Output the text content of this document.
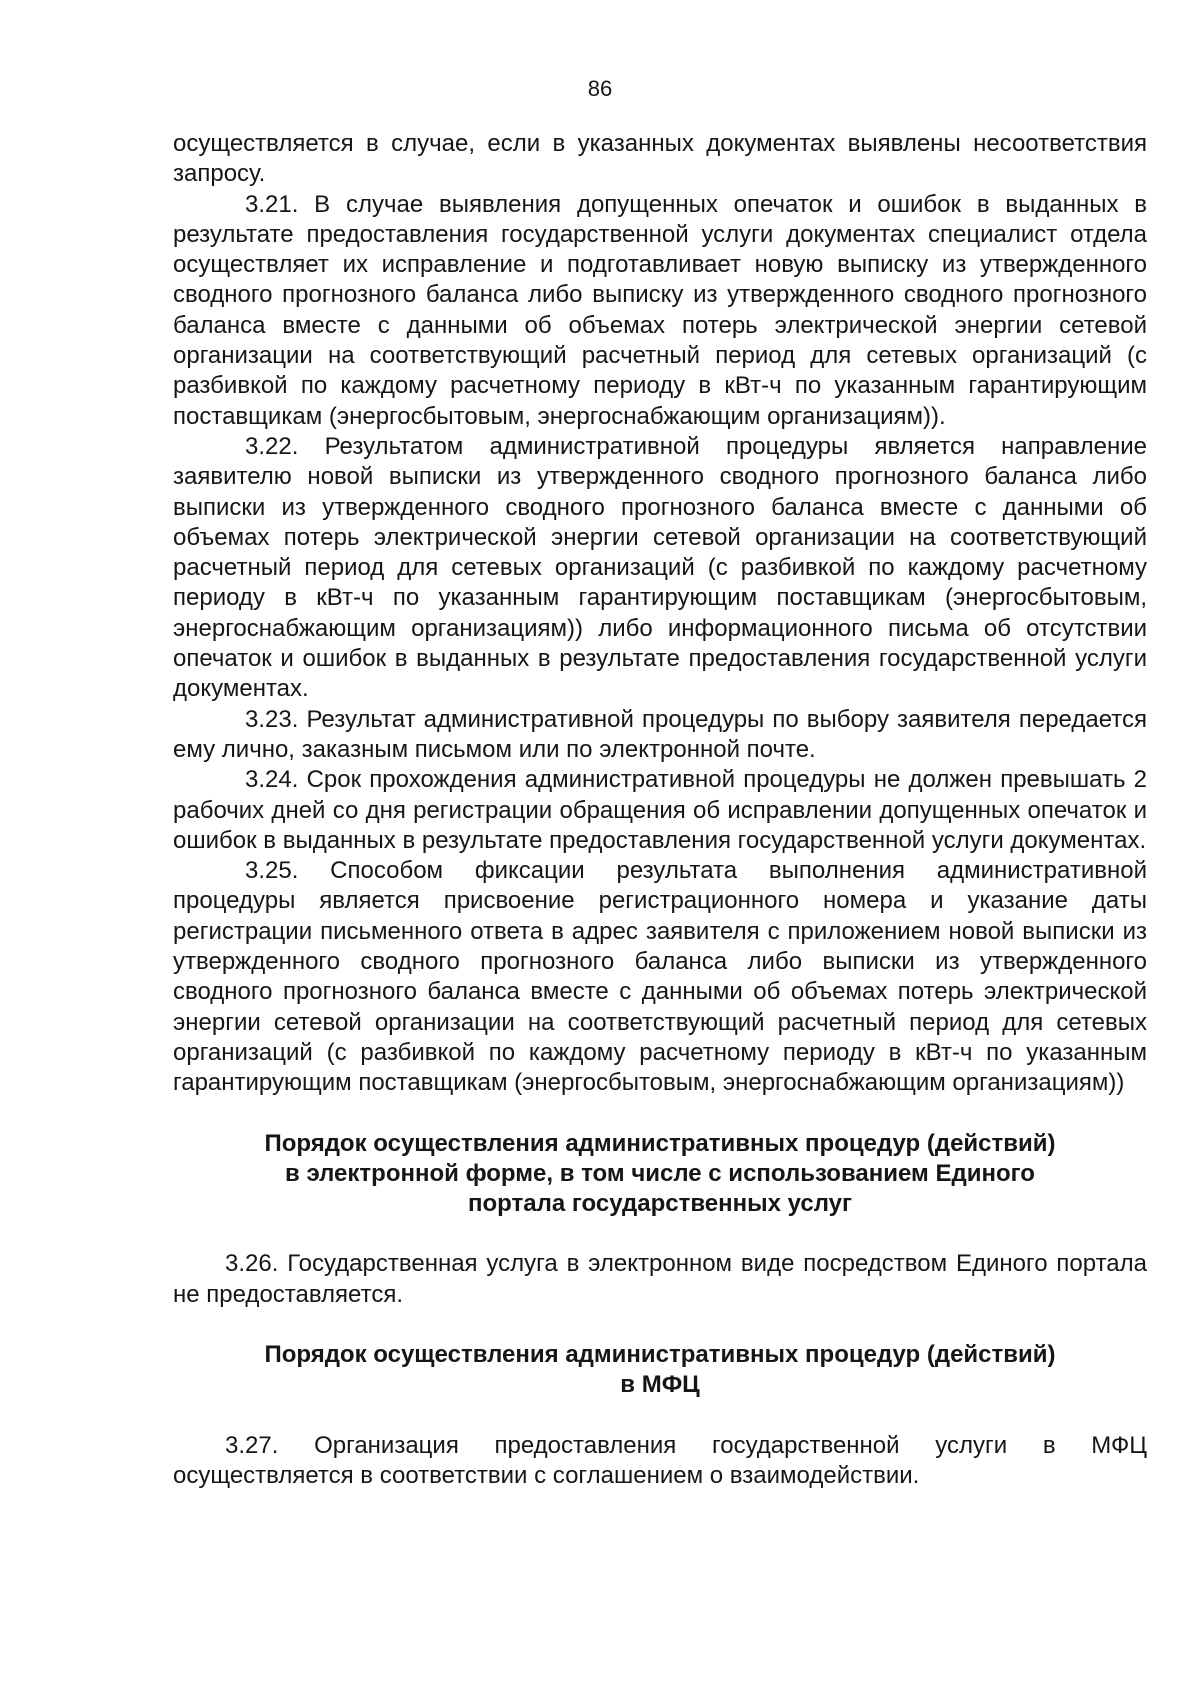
86

осуществляется в случае, если в указанных документах выявлены несоответствия запросу.

3.21. В случае выявления допущенных опечаток и ошибок в выданных в результате предоставления государственной услуги документах специалист отдела осуществляет их исправление и подготавливает новую выписку из утвержденного сводного прогнозного баланса либо выписку из утвержденного сводного прогнозного баланса вместе с данными об объемах потерь электрической энергии сетевой организации на соответствующий расчетный период для сетевых организаций (с разбивкой по каждому расчетному периоду в кВт-ч по указанным гарантирующим поставщикам (энергосбытовым, энергоснабжающим организациям)).

3.22. Результатом административной процедуры является направление заявителю новой выписки из утвержденного сводного прогнозного баланса либо выписки из утвержденного сводного прогнозного баланса вместе с данными об объемах потерь электрической энергии сетевой организации на соответствующий расчетный период для сетевых организаций (с разбивкой по каждому расчетному периоду в кВт-ч по указанным гарантирующим поставщикам (энергосбытовым, энергоснабжающим организациям)) либо информационного письма об отсутствии опечаток и ошибок в выданных в результате предоставления государственной услуги документах.

3.23. Результат административной процедуры по выбору заявителя передается ему лично, заказным письмом или по электронной почте.

3.24. Срок прохождения административной процедуры не должен превышать 2 рабочих дней со дня регистрации обращения об исправлении допущенных опечаток и ошибок в выданных в результате предоставления государственной услуги документах.

3.25. Способом фиксации результата выполнения административной процедуры является присвоение регистрационного номера и указание даты регистрации письменного ответа в адрес заявителя с приложением новой выписки из утвержденного сводного прогнозного баланса либо выписки из утвержденного сводного прогнозного баланса вместе с данными об объемах потерь электрической энергии сетевой организации на соответствующий расчетный период для сетевых организаций (с разбивкой по каждому расчетному периоду в кВт-ч по указанным гарантирующим поставщикам (энергосбытовым, энергоснабжающим организациям))

Порядок осуществления административных процедур (действий)
в электронной форме, в том числе с использованием Единого
портала государственных услуг

3.26. Государственная услуга в электронном виде посредством Единого портала не предоставляется.

Порядок осуществления административных процедур (действий)
в МФЦ

3.27. Организация предоставления государственной услуги в МФЦ осуществляется в соответствии с соглашением о взаимодействии.
